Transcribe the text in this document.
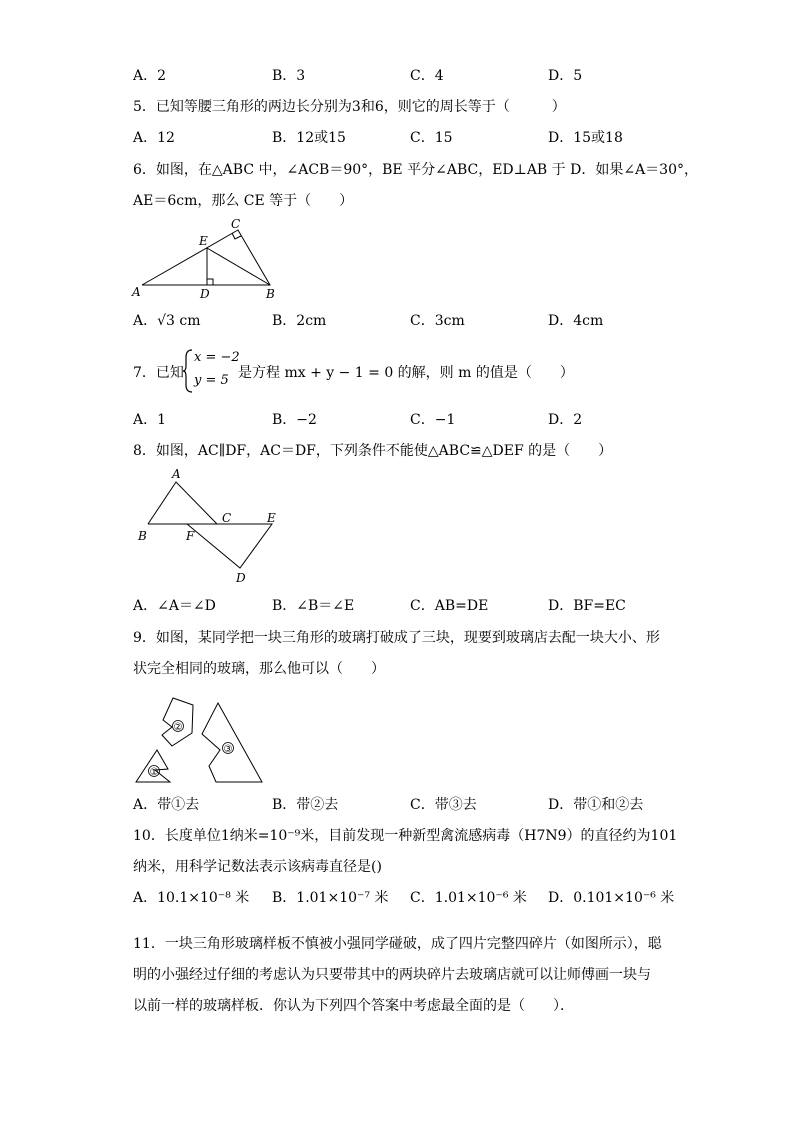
A．2	B．3	C．4	D．5
5．已知等腰三角形的两边长分别为3和6，则它的周长等于（　　　）
A．12	B．12或15	C．15	D．15或18
6．如图，在△ABC 中，∠ACB＝90°，BE 平分∠ABC，ED⊥AB 于 D．如果∠A＝30°，
AE＝6cm，那么 CE 等于（　　）
A	D	B
E
C
A．√3 cm	B．2cm	C．3cm	D．4cm
7．已知
x = −2
y = 5 是方程 mx + y − 1 = 0 的解，则 m 的值是（　　）
A．1	B．−2	C．−1	D．2
8．如图，AC∥DF，AC＝DF，下列条件不能使△ABC≌△DEF 的是（　　）
A
B
C	E
F
D
A．∠A＝∠D	B．∠B＝∠E	C．AB=DE	D．BF=EC
9．如图，某同学把一块三角形的玻璃打破成了三块，现要到玻璃店去配一块大小、形
状完全相同的玻璃，那么他可以（　　）
①
②
③
A．带①去	B．带②去	C．带③去	D．带①和②去
10．长度单位1纳米=10⁻⁹米，目前发现一种新型禽流感病毒（H7N9）的直径约为101
纳米，用科学记数法表示该病毒直径是()
A．10.1×10⁻⁸ 米 B．1.01×10⁻⁷ 米 C．1.01×10⁻⁶ 米 D．0.101×10⁻⁶ 米
11．一块三角形玻璃样板不慎被小强同学碰破，成了四片完整四碎片（如图所示），聪
明的小强经过仔细的考虑认为只要带其中的两块碎片去玻璃店就可以让师傅画一块与
以前一样的玻璃样板．你认为下列四个答案中考虑最全面的是（　　）．
